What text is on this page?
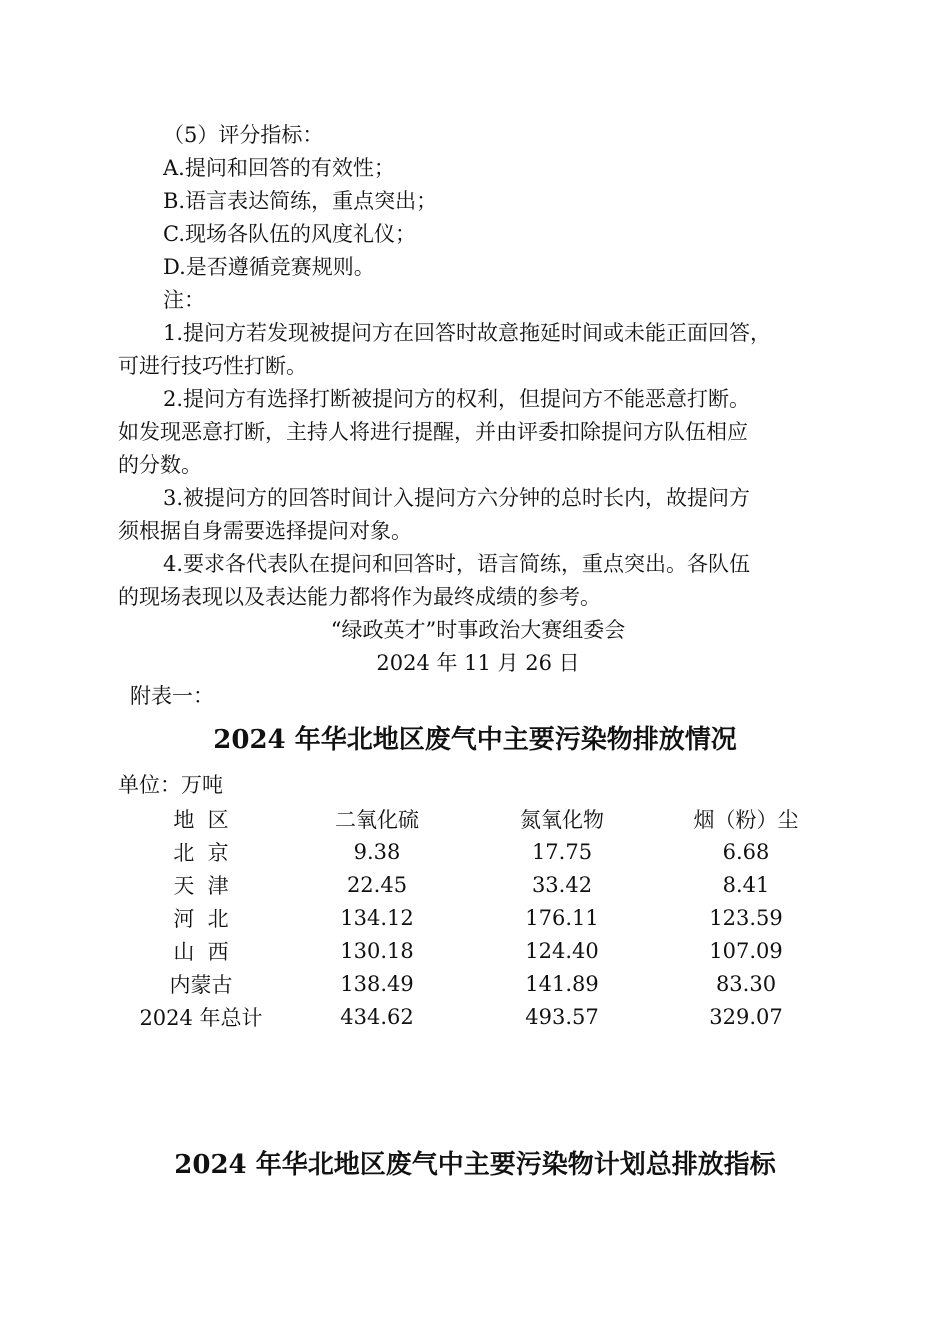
（5）评分指标：
A.提问和回答的有效性；
B.语言表达简练，重点突出；
C.现场各队伍的风度礼仪；
D.是否遵循竞赛规则。
注：
1.提问方若发现被提问方在回答时故意拖延时间或未能正面回答，
可进行技巧性打断。
2.提问方有选择打断被提问方的权利，但提问方不能恶意打断。
如发现恶意打断，主持人将进行提醒，并由评委扣除提问方队伍相应
的分数。
3.被提问方的回答时间计入提问方六分钟的总时长内，故提问方
须根据自身需要选择提问对象。
4.要求各代表队在提问和回答时，语言简练，重点突出。各队伍
的现场表现以及表达能力都将作为最终成绩的参考。
“绿政英才”时事政治大赛组委会
2024 年 11 月 26 日
附表一：
2024 年华北地区废气中主要污染物排放情况
单位：万吨
地  区	二氧化硫	氮氧化物	烟（粉）尘
北  京	9.38	17.75	6.68
天  津	22.45	33.42	8.41
河  北	134.12	176.11	123.59
山  西	130.18	124.40	107.09
内蒙古	138.49	141.89	83.30
2024 年总计	434.62	493.57	329.07
2024 年华北地区废气中主要污染物计划总排放指标
